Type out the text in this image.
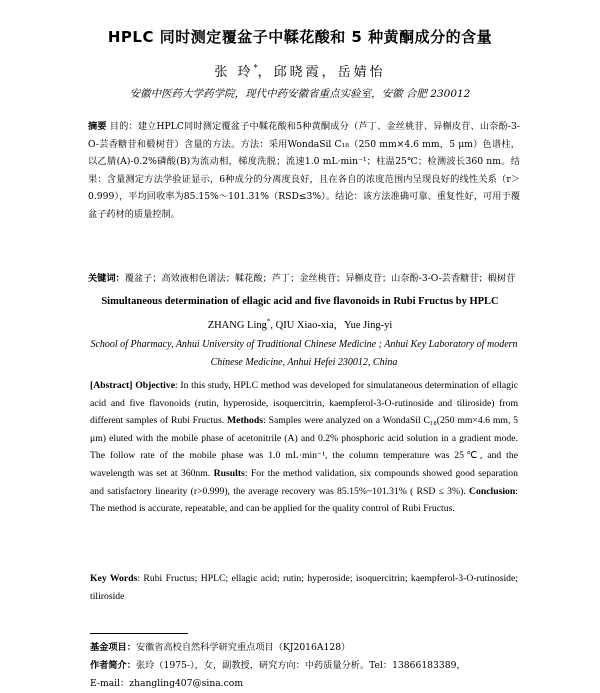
HPLC 同时测定覆盆子中鞣花酸和 5 种黄酮成分的含量
张 玲*，邱晓霞，岳婧怡
安徽中医药大学药学院，现代中药安徽省重点实验室，安徽 合肥 230012
摘要 目的：建立HPLC同时测定覆盆子中鞣花酸和5种黄酮成分（芦丁、金丝桃苷、异槲皮苷、山奈酚-3-O-芸香糖苷和椴树苷）含量的方法。方法：采用WondaSil C₁₈（250 mm×4.6 mm，5 μm）色谱柱，以乙腈(A)-0.2%磷酸(B)为流动相，梯度洗脱；流速1.0 mL·min⁻¹；柱温25℃；检测波长360 nm。结果：含量测定方法学验证显示，6种成分的分离度良好，且在各自的浓度范围内呈现良好的线性关系（r＞0.999），平均回收率为85.15%～101.31%（RSD≤3%）。结论：该方法准确可靠、重复性好，可用于覆盆子药材的质量控制。
关键词：覆盆子；高效液相色谱法；鞣花酸；芦丁；金丝桃苷；异槲皮苷；山奈酚-3-O-芸香糖苷；椴树苷
Simultaneous determination of ellagic acid and five flavonoids in Rubi Fructus by HPLC
ZHANG Ling*, QIU Xiao-xia，Yue Jing-yi
School of Pharmacy, Anhui University of Traditional Chinese Medicine ; Anhui Key Laboratory of modern Chinese Medicine, Anhui Hefei 230012, China
[Abstract] Objective: In this study, HPLC method was developed for simulataneous determination of ellagic acid and five flavonoids (rutin, hyperoside, isoquercitrin, kaempferol-3-O-rutinoside and tiliroside) from different samples of Rubi Fructus. Methods: Samples were analyzed on a WondaSil C₁₈(250 mm×4.6 mm, 5 μm) eluted with the mobile phase of acetonitrile (A) and 0.2% phosphoric acid solution in a gradient mode. The follow rate of the mobile phase was 1.0 mL·min⁻¹, the column temperature was 25℃, and the wavelength was set at 360nm. Rusults: For the method validation, six compounds showed good separation and satisfactory linearity (r>0.999), the average recovery was 85.15%~101.31% ( RSD ≤ 3%). Conclusion: The method is accurate, repeatable, and can be applied for the quality control of Rubi Fructus.
Key Words: Rubi Fructus; HPLC; ellagic acid; rutin; hyperoside; isoquercitrin; kaempferol-3-O-rutinoside; tiliroside
基金项目：安徽省高校自然科学研究重点项目（KJ2016A128）
作者简介：张玲（1975-），女，副教授，研究方向：中药质量分析。Tel：13866183389，
E-mail：zhangling407@sina.com
